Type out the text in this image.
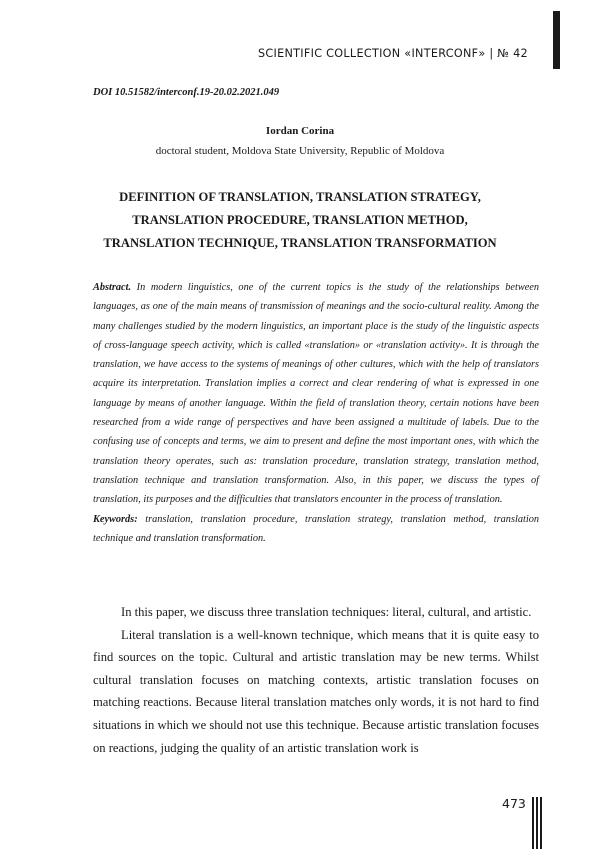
SCIENTIFIC COLLECTION «INTERCONF» | № 42
DOI 10.51582/interconf.19-20.02.2021.049
Iordan Corina
doctoral student, Moldova State University, Republic of Moldova
DEFINITION OF TRANSLATION, TRANSLATION STRATEGY,
TRANSLATION PROCEDURE, TRANSLATION METHOD,
TRANSLATION TECHNIQUE, TRANSLATION TRANSFORMATION

Abstract. In modern linguistics, one of the current topics is the study of the relationships between languages, as one of the main means of transmission of meanings and the socio-cultural reality. Among the many challenges studied by the modern linguistics, an important place is the study of the linguistic aspects of cross-language speech activity, which is called «translation» or «translation activity». It is through the translation, we have access to the systems of meanings of other cultures, which with the help of translators acquire its interpretation. Translation implies a correct and clear rendering of what is expressed in one language by means of another language. Within the field of translation theory, certain notions have been researched from a wide range of perspectives and have been assigned a multitude of labels. Due to the confusing use of concepts and terms, we aim to present and define the most important ones, with which the translation theory operates, such as: translation procedure, translation strategy, translation method, translation technique and translation transformation. Also, in this paper, we discuss the types of translation, its purposes and the difficulties that translators encounter in the process of translation.

Keywords: translation, translation procedure, translation strategy, translation method, translation technique and translation transformation.

In this paper, we discuss three translation techniques: literal, cultural, and artistic.

Literal translation is a well-known technique, which means that it is quite easy to find sources on the topic. Cultural and artistic translation may be new terms. Whilst cultural translation focuses on matching contexts, artistic translation focuses on matching reactions. Because literal translation matches only words, it is not hard to find situations in which we should not use this technique. Because artistic translation focuses on reactions, judging the quality of an artistic translation work is

473
